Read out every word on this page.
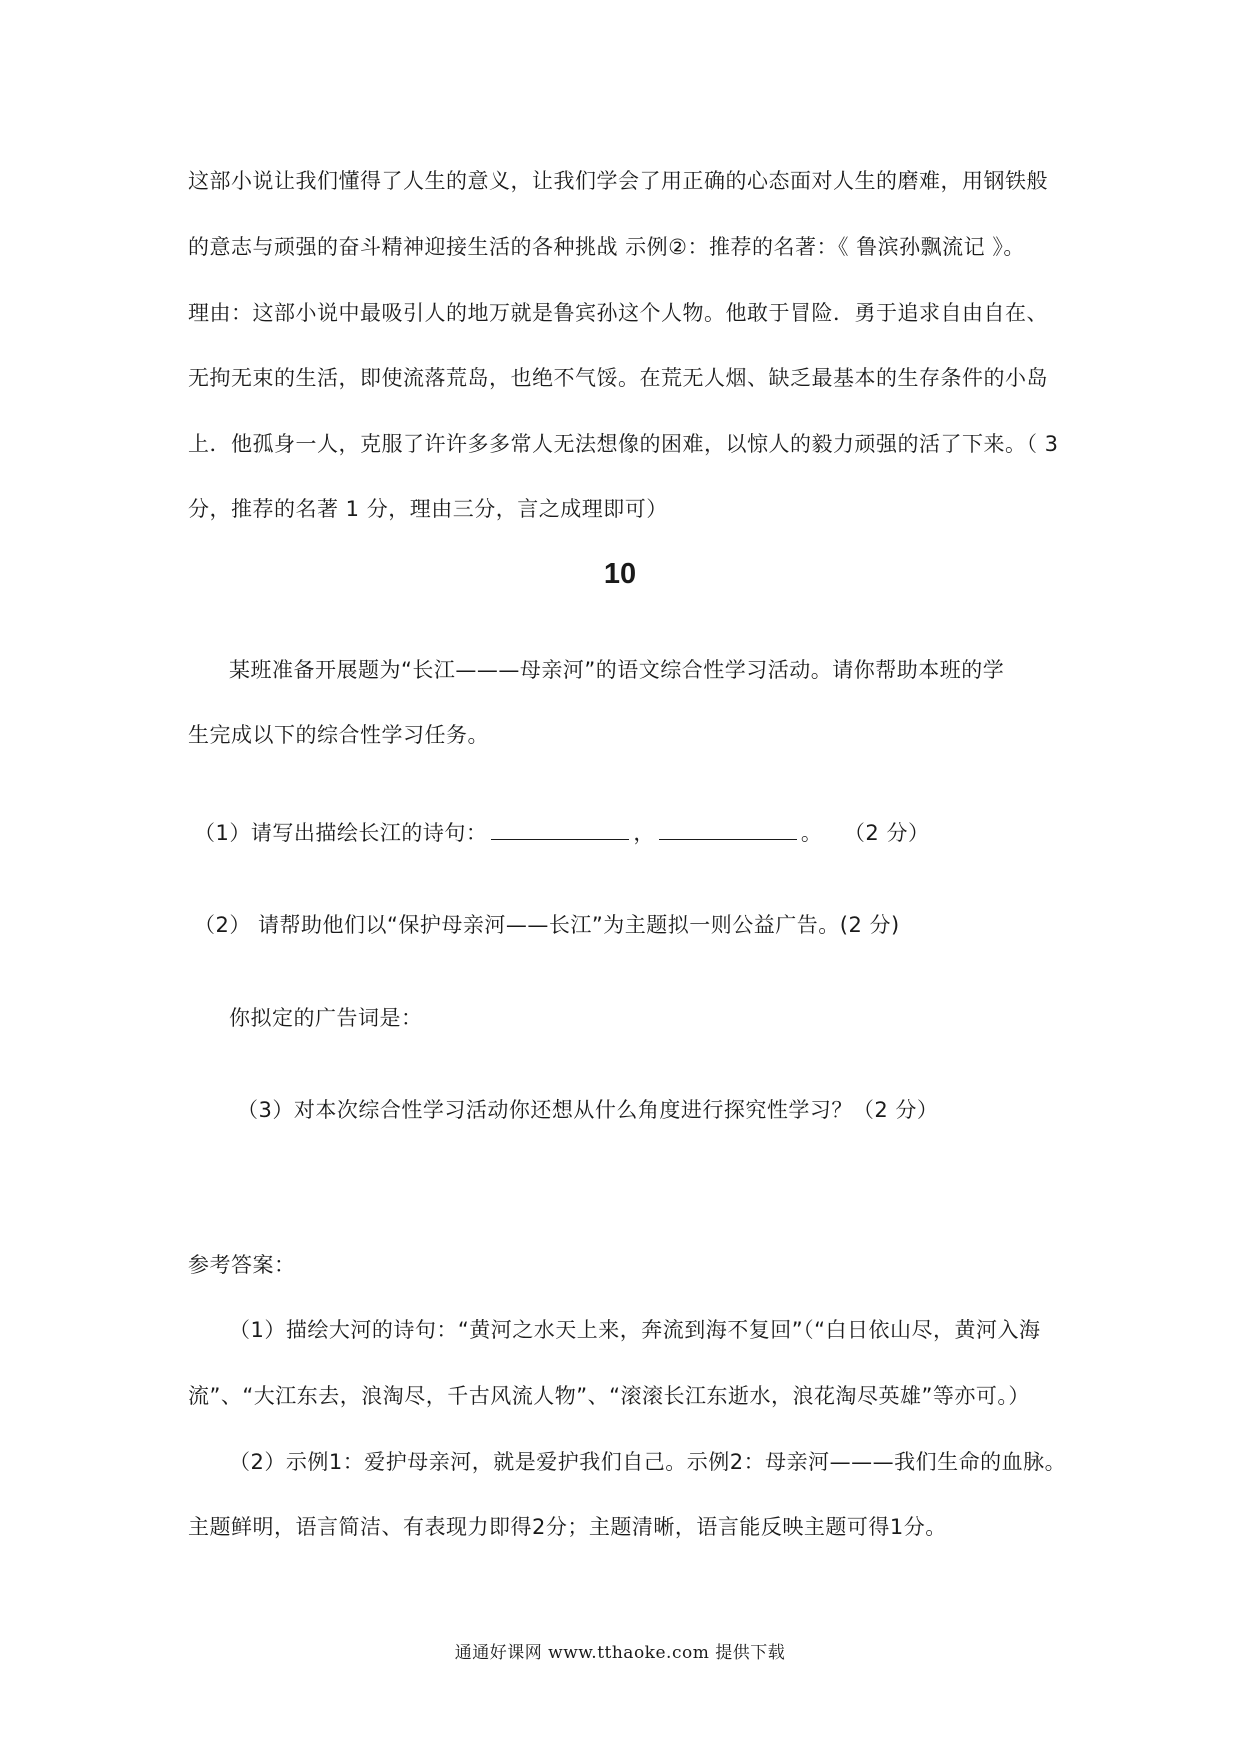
这部小说让我们懂得了人生的意义，让我们学会了用正确的心态面对人生的磨难，用钢铁般
的意志与顽强的奋斗精神迎接生活的各种挑战 示例②：推荐的名著：《 鲁滨孙飘流记 》。
理由：这部小说中最吸引人的地万就是鲁宾孙这个人物。他敢于冒险．勇于追求自由自在、
无拘无束的生活，即使流落荒岛，也绝不气馁。在荒无人烟、缺乏最基本的生存条件的小岛
上．他孤身一人，克服了许许多多常人无法想像的困难，以惊人的毅力顽强的活了下来。（ 3
分，推荐的名著 1 分，理由三分，言之成理即可）
10
某班准备开展题为“长江———母亲河”的语文综合性学习活动。请你帮助本班的学
生完成以下的综合性学习任务。
（1）请写出描绘长江的诗句：	，	。 （2 分）
（2） 请帮助他们以“保护母亲河——长江”为主题拟一则公益广告。(2 分)
你拟定的广告词是：
（3）对本次综合性学习活动你还想从什么角度进行探究性学习？（2 分）
参考答案：
（1）描绘大河的诗句：“黄河之水天上来，奔流到海不复回”（“白日依山尽，黄河入海
流”、“大江东去，浪淘尽，千古风流人物”、“滚滚长江东逝水，浪花淘尽英雄”等亦可。）
（2）示例1：爱护母亲河，就是爱护我们自己。示例2：母亲河———我们生命的血脉。
主题鲜明，语言简洁、有表现力即得2分；主题清晰，语言能反映主题可得1分。
通通好课网 www.tthaoke.com 提供下载
